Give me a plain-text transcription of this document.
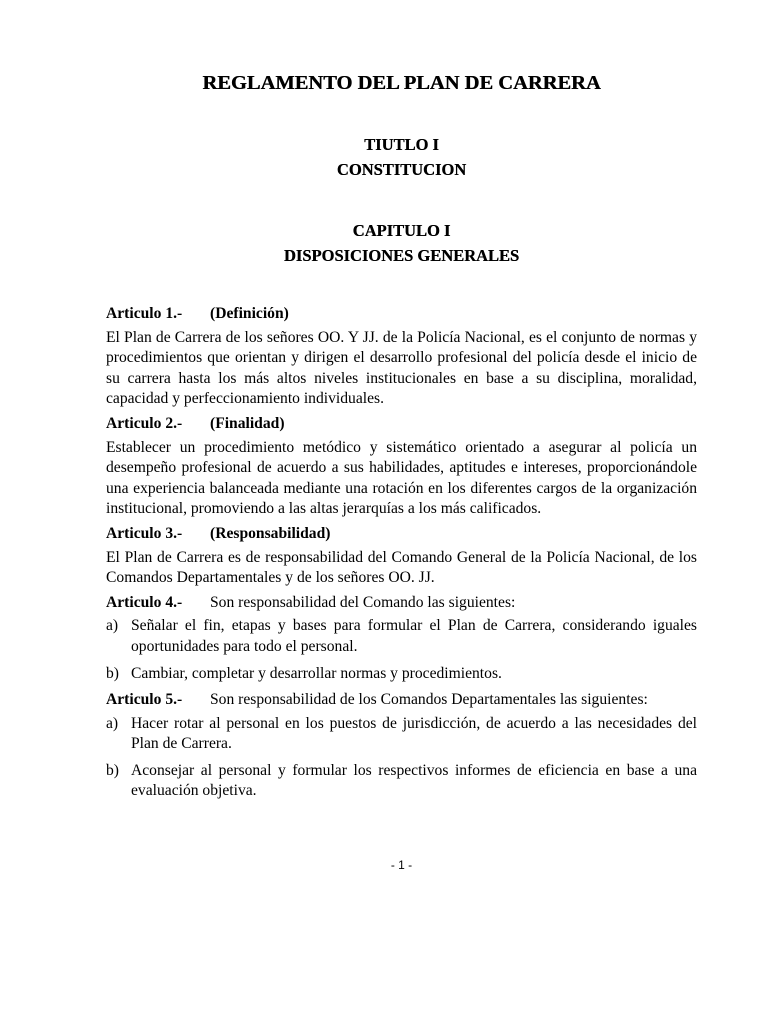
REGLAMENTO DEL PLAN DE CARRERA
TIUTLO I
CONSTITUCION
CAPITULO I
DISPOSICIONES GENERALES

Articulo 1.- (Definición)

El Plan de Carrera de los señores OO. Y JJ. de la Policía Nacional, es el conjunto de normas y procedimientos que orientan y dirigen el desarrollo profesional del policía desde el inicio de su carrera hasta los más altos niveles institucionales en base a su disciplina, moralidad, capacidad y perfeccionamiento individuales.

Articulo 2.- (Finalidad)

Establecer un procedimiento metódico y sistemático orientado a asegurar al policía un desempeño profesional de acuerdo a sus habilidades, aptitudes e intereses, proporcionándole una experiencia balanceada mediante una rotación en los diferentes cargos de la organización institucional, promoviendo a las altas jerarquías a los más calificados.

Articulo 3.- (Responsabilidad)

El Plan de Carrera es de responsabilidad del Comando General de la Policía Nacional, de los Comandos Departamentales y de los señores OO. JJ.

Articulo 4.- Son responsabilidad del Comando las siguientes:

a) Señalar el fin, etapas y bases para formular el Plan de Carrera, considerando iguales oportunidades para todo el personal.
b) Cambiar, completar y desarrollar normas y procedimientos.

Articulo 5.- Son responsabilidad de los Comandos Departamentales las siguientes:

a) Hacer rotar al personal en los puestos de jurisdicción, de acuerdo a las necesidades del Plan de Carrera.
b) Aconsejar al personal y formular los respectivos informes de eficiencia en base a una evaluación objetiva.
- 1 -
